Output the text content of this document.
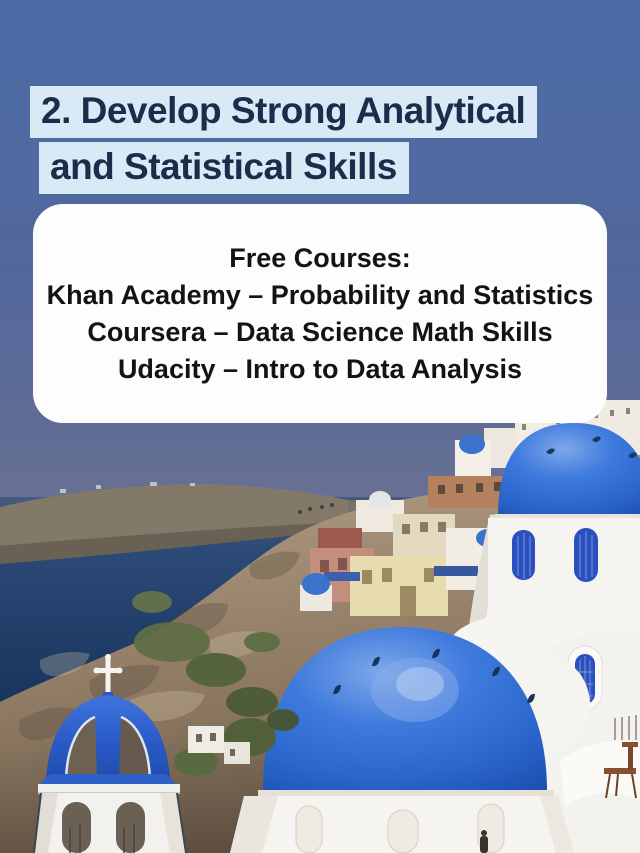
2. Develop Strong Analytical
and Statistical Skills
Free Courses:
Khan Academy – Probability and Statistics
Coursera – Data Science Math Skills
Udacity – Intro to Data Analysis
